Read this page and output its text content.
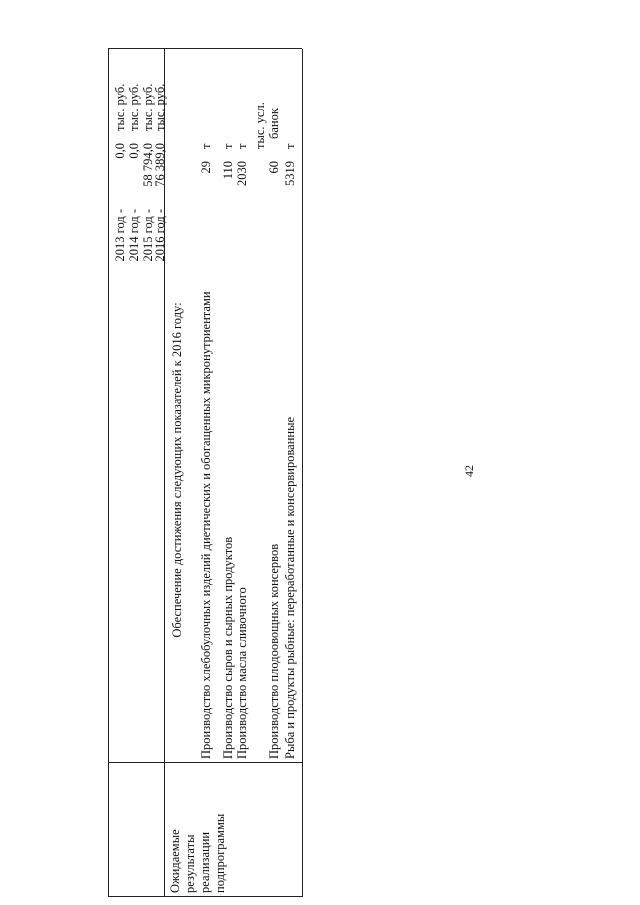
42
2013 год -
0,0
тыс. руб.
2014 год -
0,0
тыс. руб.
2015 год -
58 794,0
тыс. руб.
2016 год -
76 389,0
тыс. руб.
Ожидаемые результаты реализации подпрограммы
Обеспечение достижения следующих показателей к 2016 году: Производство хлебобулочных изделий диетических и обогащенных микронутриентами
29
т
Производство сыров и сырных продуктов
110
т
Производство масла сливочного
2030
т тыс. усл.
Производство плодоовощных консервов
60
банок
Рыба и продукты рыбные: переработанные и консервированные
5319
т
